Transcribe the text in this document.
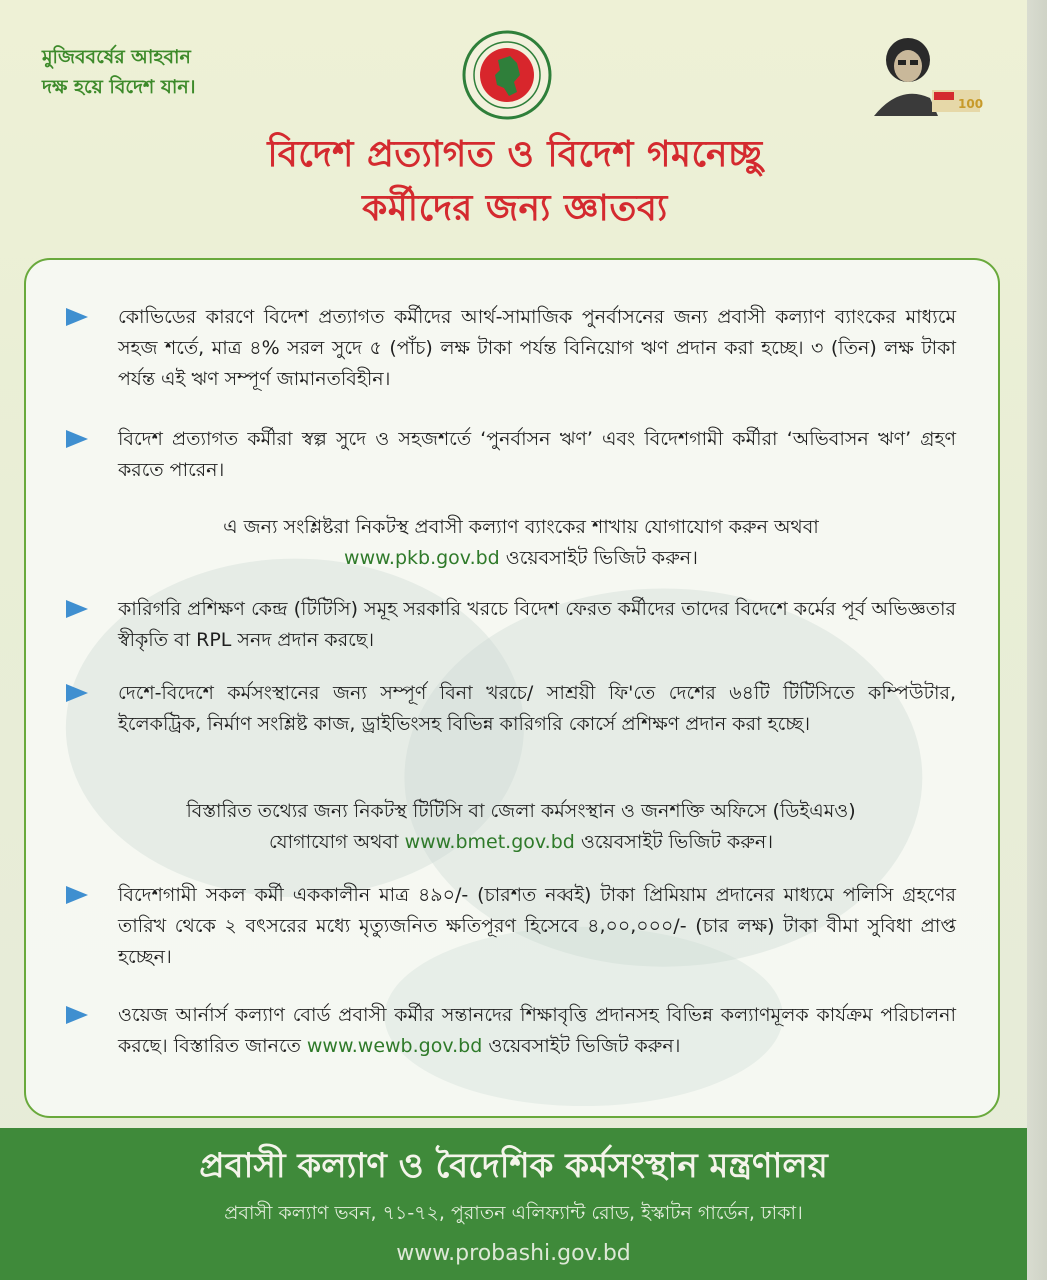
মুজিববর্ষের আহবান
দক্ষ হয়ে বিদেশ যান।
100
বিদেশ প্রত্যাগত ও বিদেশ গমনেচ্ছু
কর্মীদের জন্য জ্ঞাতব্য
কোভিডের কারণে বিদেশ প্রত্যাগত কর্মীদের আর্থ-সামাজিক পুনর্বাসনের জন্য প্রবাসী কল্যাণ ব্যাংকের মাধ্যমে সহজ শর্তে, মাত্র ৪% সরল সুদে ৫ (পাঁচ) লক্ষ টাকা পর্যন্ত বিনিয়োগ ঋণ প্রদান করা হচ্ছে। ৩ (তিন) লক্ষ টাকা পর্যন্ত এই ঋণ সম্পূর্ণ জামানতবিহীন।
বিদেশ প্রত্যাগত কর্মীরা স্বল্প সুদে ও সহজশর্তে ‘পুনর্বাসন ঋণ’ এবং বিদেশগামী কর্মীরা ‘অভিবাসন ঋণ’ গ্রহণ করতে পারেন।
এ জন্য সংশ্লিষ্টরা নিকটস্থ প্রবাসী কল্যাণ ব্যাংকের শাখায় যোগাযোগ করুন অথবা
www.pkb.gov.bd ওয়েবসাইট ভিজিট করুন।
কারিগরি প্রশিক্ষণ কেন্দ্র (টিটিসি) সমূহ সরকারি খরচে বিদেশ ফেরত কর্মীদের তাদের বিদেশে কর্মের পূর্ব অভিজ্ঞতার স্বীকৃতি বা RPL সনদ প্রদান করছে।
দেশে-বিদেশে কর্মসংস্থানের জন্য সম্পূর্ণ বিনা খরচে/ সাশ্রয়ী ফি'তে দেশের ৬৪টি টিটিসিতে কম্পিউটার, ইলেকট্রিক, নির্মাণ সংশ্লিষ্ট কাজ, ড্রাইভিংসহ বিভিন্ন কারিগরি কোর্সে প্রশিক্ষণ প্রদান করা হচ্ছে।
বিস্তারিত তথ্যের জন্য নিকটস্থ টিটিসি বা জেলা কর্মসংস্থান ও জনশক্তি অফিসে (ডিইএমও)
যোগাযোগ অথবা www.bmet.gov.bd ওয়েবসাইট ভিজিট করুন।
বিদেশগামী সকল কর্মী এককালীন মাত্র ৪৯০/- (চারশত নব্বই) টাকা প্রিমিয়াম প্রদানের মাধ্যমে পলিসি গ্রহণের তারিখ থেকে ২ বৎসরের মধ্যে মৃত্যুজনিত ক্ষতিপূরণ হিসেবে ৪,০০,০০০/- (চার লক্ষ) টাকা বীমা সুবিধা প্রাপ্ত হচ্ছেন।
ওয়েজ আর্নার্স কল্যাণ বোর্ড প্রবাসী কর্মীর সন্তানদের শিক্ষাবৃত্তি প্রদানসহ বিভিন্ন কল্যাণমূলক কার্যক্রম পরিচালনা করছে। বিস্তারিত জানতে www.wewb.gov.bd ওয়েবসাইট ভিজিট করুন।
প্রবাসী কল্যাণ ও বৈদেশিক কর্মসংস্থান মন্ত্রণালয়
প্রবাসী কল্যাণ ভবন, ৭১-৭২, পুরাতন এলিফ্যান্ট রোড, ইস্কাটন গার্ডেন, ঢাকা।
www.probashi.gov.bd
